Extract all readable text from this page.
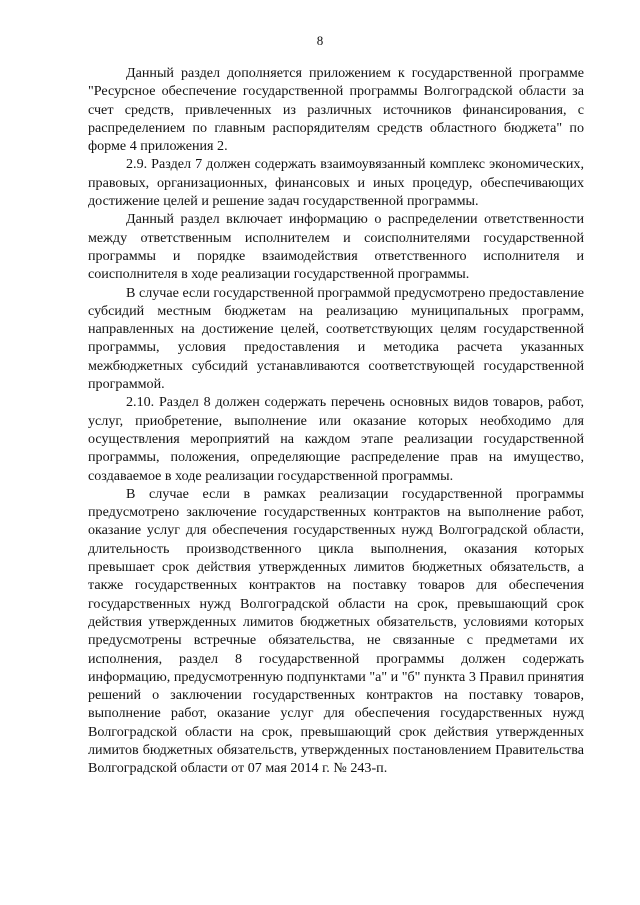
8

Данный раздел дополняется приложением к государственной программе "Ресурсное обеспечение государственной программы Волгоградской области за счет средств, привлеченных из различных источников финансирования, с распределением по главным распорядителям средств областного бюджета" по форме 4 приложения 2.

2.9. Раздел 7 должен содержать взаимоувязанный комплекс экономических, правовых, организационных, финансовых и иных процедур, обеспечивающих достижение целей и решение задач государственной программы.

Данный раздел включает информацию о распределении ответственности между ответственным исполнителем и соисполнителями государственной программы и порядке взаимодействия ответственного исполнителя и соисполнителя в ходе реализации государственной программы.

В случае если государственной программой предусмотрено предоставление субсидий местным бюджетам на реализацию муниципальных программ, направленных на достижение целей, соответствующих целям государственной программы, условия предоставления и методика расчета указанных межбюджетных субсидий устанавливаются соответствующей государственной программой.

2.10. Раздел 8 должен содержать перечень основных видов товаров, работ, услуг, приобретение, выполнение или оказание которых необходимо для осуществления мероприятий на каждом этапе реализации государственной программы, положения, определяющие распределение прав на имущество, создаваемое в ходе реализации государственной программы.

В случае если в рамках реализации государственной программы предусмотрено заключение государственных контрактов на выполнение работ, оказание услуг для обеспечения государственных нужд Волгоградской области, длительность производственного цикла выполнения, оказания которых превышает срок действия утвержденных лимитов бюджетных обязательств, а также государственных контрактов на поставку товаров для обеспечения государственных нужд Волгоградской области на срок, превышающий срок действия утвержденных лимитов бюджетных обязательств, условиями которых предусмотрены встречные обязательства, не связанные с предметами их исполнения, раздел 8 государственной программы должен содержать информацию, предусмотренную подпунктами "а" и "б" пункта 3 Правил принятия решений о заключении государственных контрактов на поставку товаров, выполнение работ, оказание услуг для обеспечения государственных нужд Волгоградской области на срок, превышающий срок действия утвержденных лимитов бюджетных обязательств, утвержденных постановлением Правительства Волгоградской области от 07 мая 2014 г. № 243-п.
